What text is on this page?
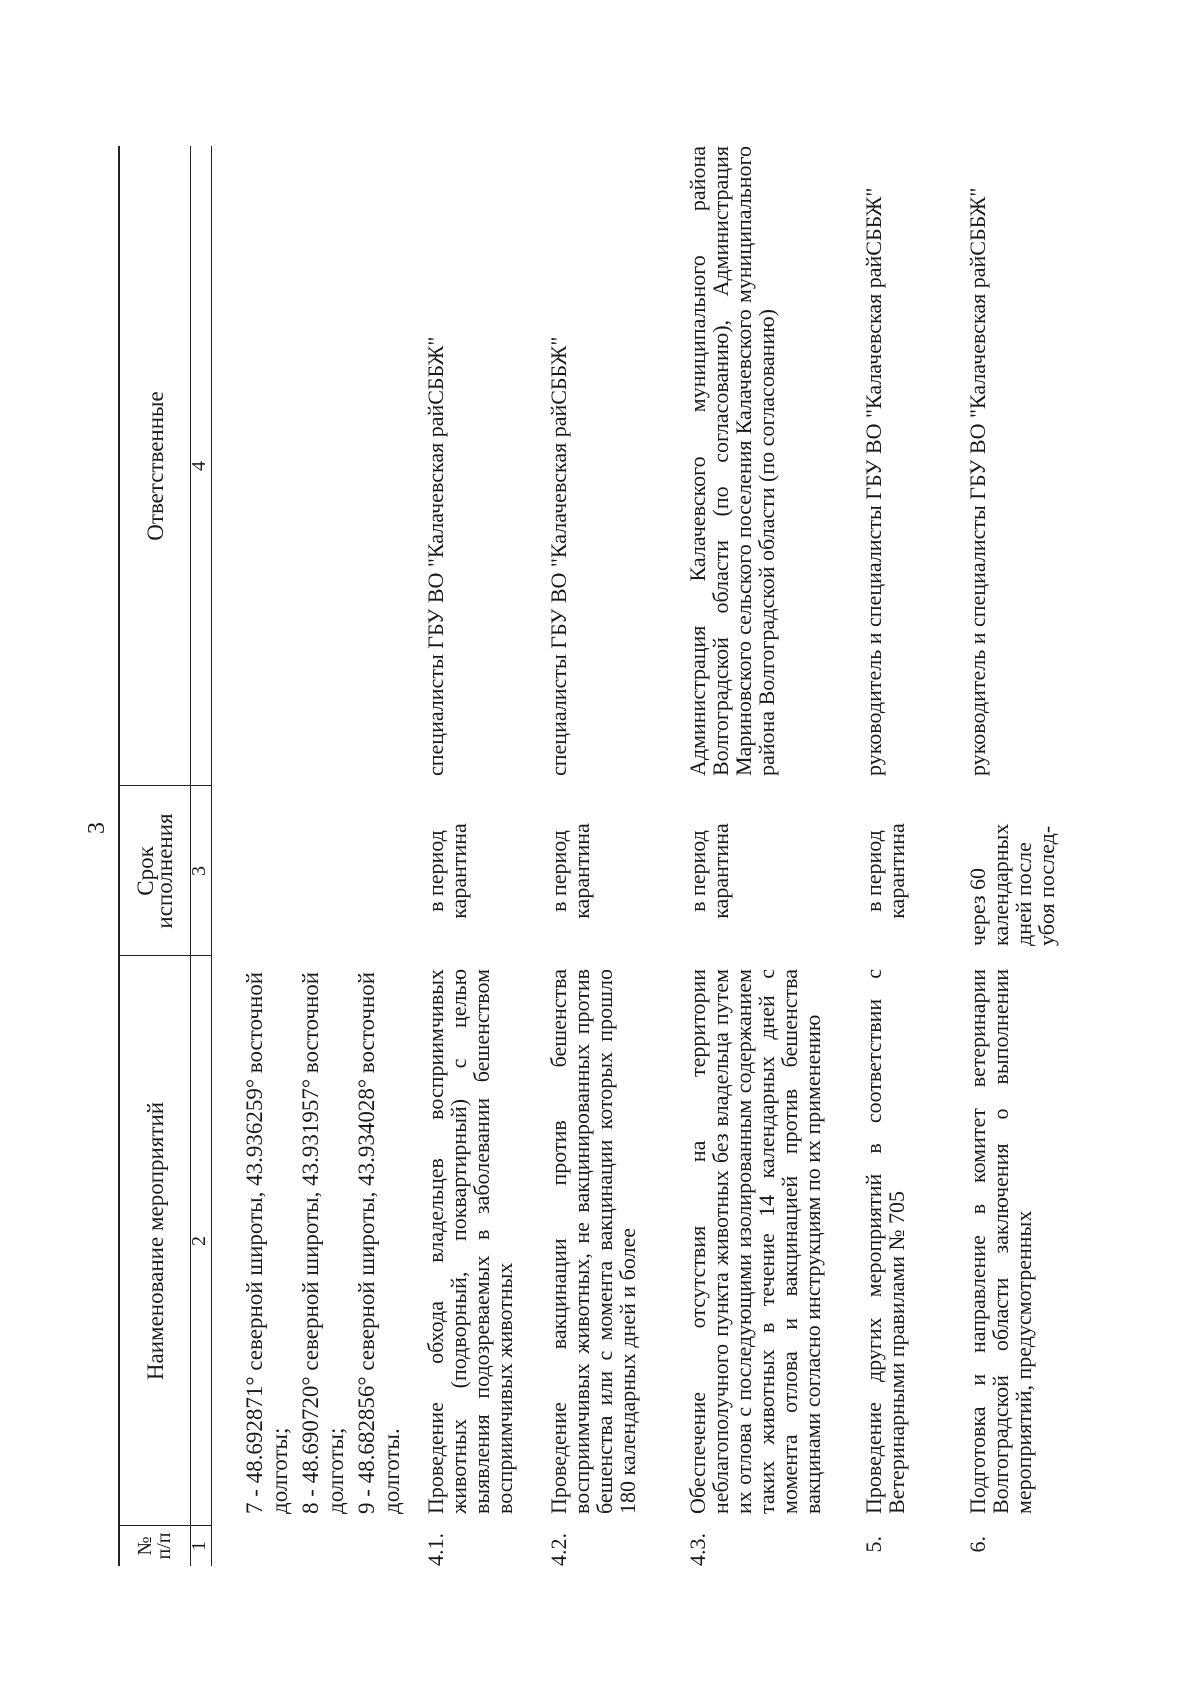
3
№ п/п
Наименование мероприятий
Срок исполнения
Ответственные
1
2
3
4

7 - 48.692871° северной широты, 43.936259° восточной долготы; 8 - 48.690720° северной широты, 43.931957° восточной долготы; 9 - 48.682856° северной широты, 43.934028° восточной долготы.

4.1.
Проведение обхода владельцев восприимчивых животных (подворный, поквартирный) с целью выявления подозреваемых в заболевании бешенством восприимчивых животных
в период карантина
специалисты ГБУ ВО "Калачевская райСББЖ"
4.2.
Проведение вакцинации против бешенства восприимчивых животных, не вакцинированных против бешенства или с момента вакцинации которых прошло 180 календарных дней и более
в период карантина
специалисты ГБУ ВО "Калачевская райСББЖ"
4.3.
Обеспечение отсутствия на территории неблагополучного пункта животных без владельца путем их отлова с последующими изолированным содержанием таких животных в течение 14 календарных дней с момента отлова и вакцинацией против бешенства вакцинами согласно инструкциям по их применению
в период карантина
Администрация Калачевского муниципального района Волгоградской области (по согласованию), Администрация Мариновского сельского поселения Калачевского муниципального района Волгоградской области (по согласованию)
5.
Проведение других мероприятий в соответствии с Ветеринарными правилами № 705
в период карантина
руководитель и специалисты ГБУ ВО "Калачевская райСББЖ"
6.
Подготовка и направление в комитет ветеринарии Волгоградской области заключения о выполнении мероприятий, предусмотренных
через 60 календарных дней после убоя послед-
руководитель и специалисты ГБУ ВО "Калачевская райСББЖ"
